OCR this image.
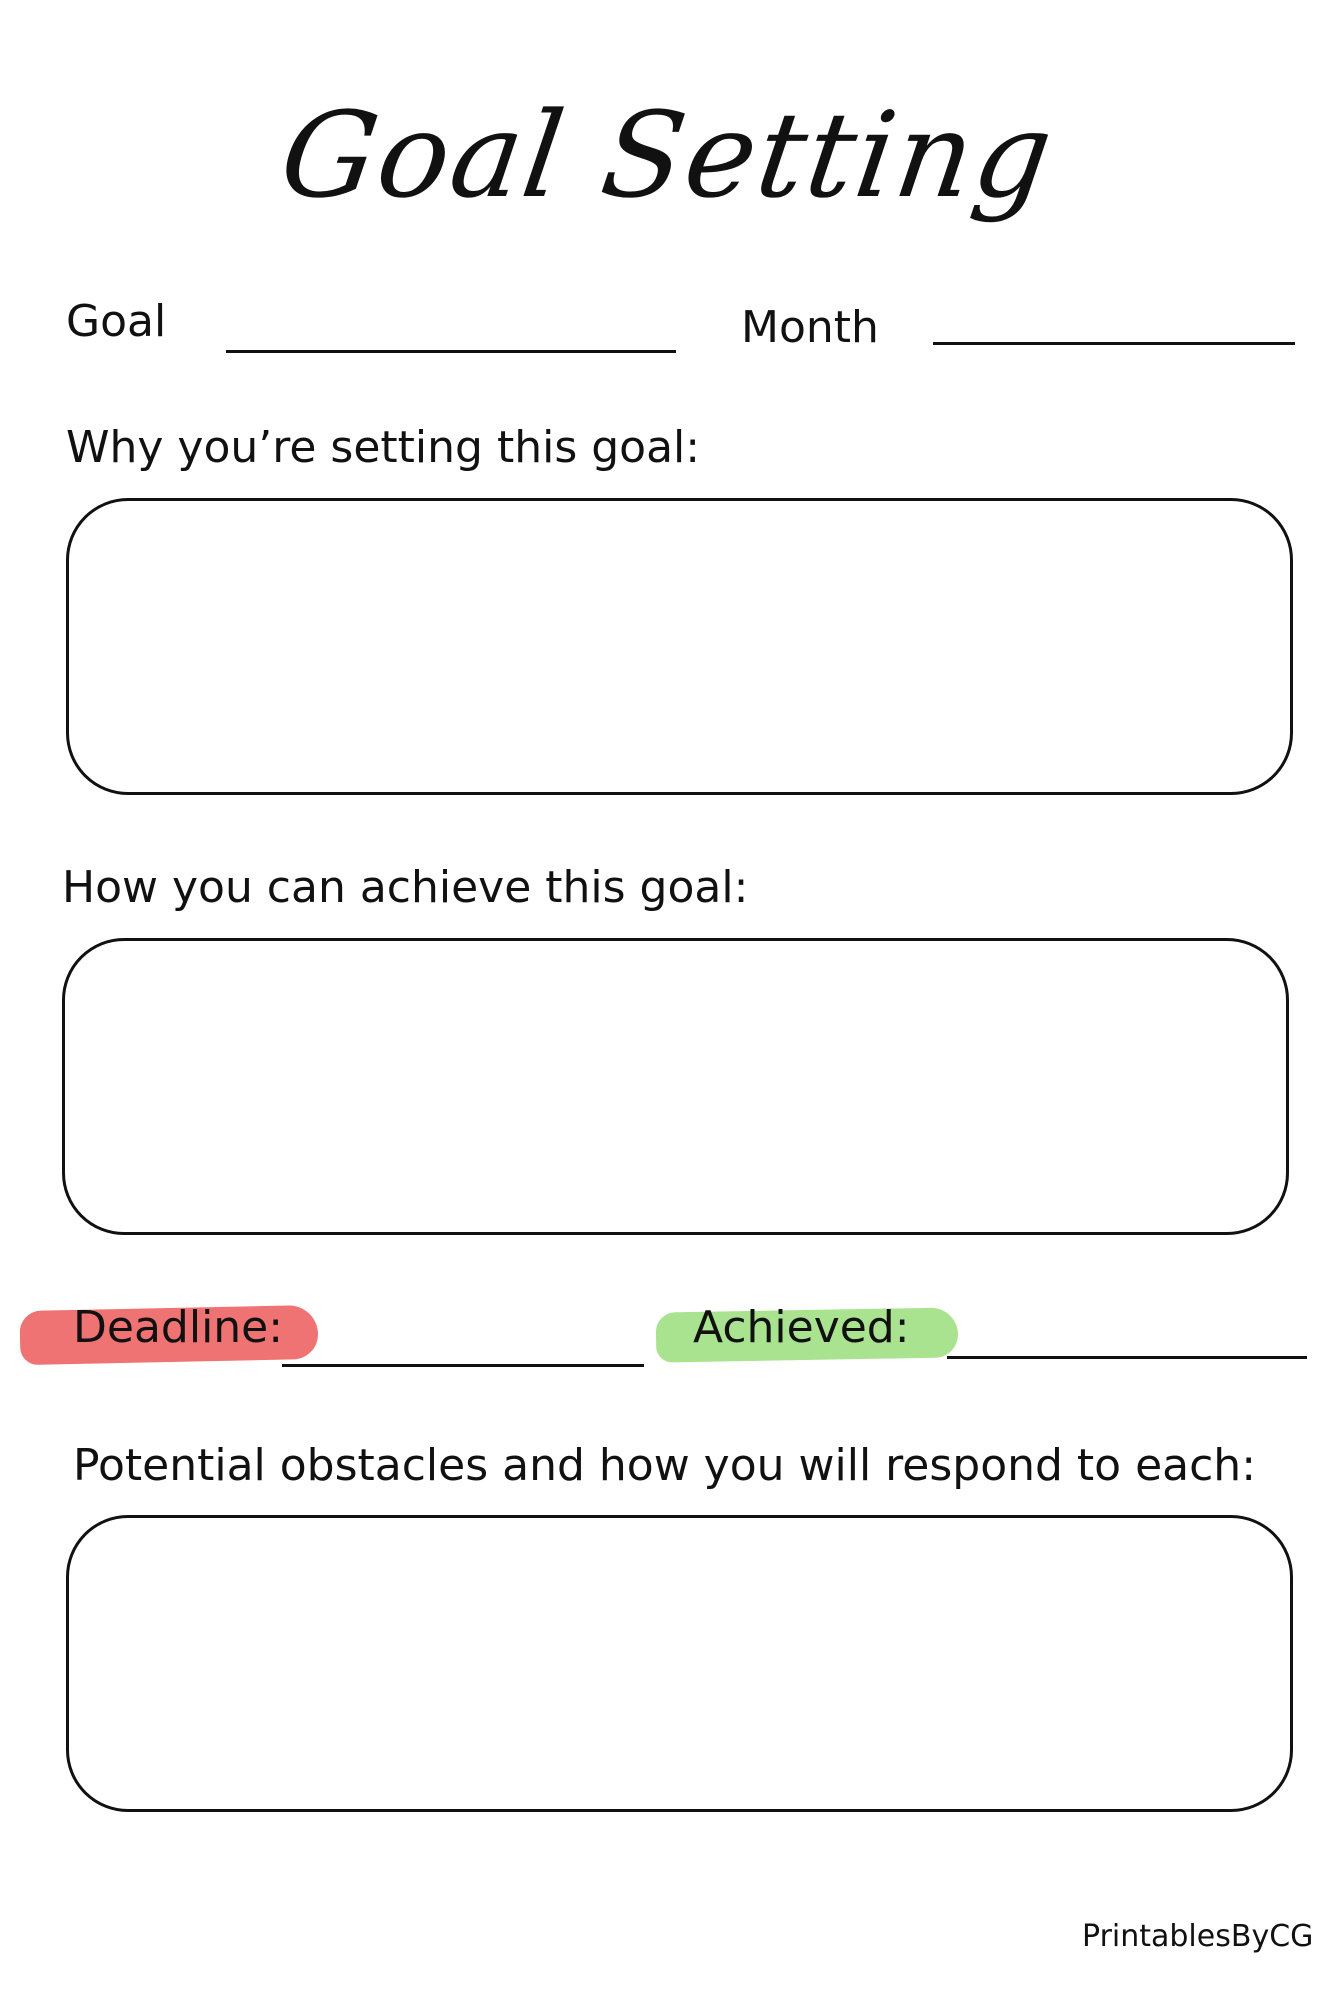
Goal Setting
Goal	Month
Why you’re setting this goal:
How you can achieve this goal:
Deadline:	Achieved:
Potential obstacles and how you will respond to each:
PrintablesByCG
